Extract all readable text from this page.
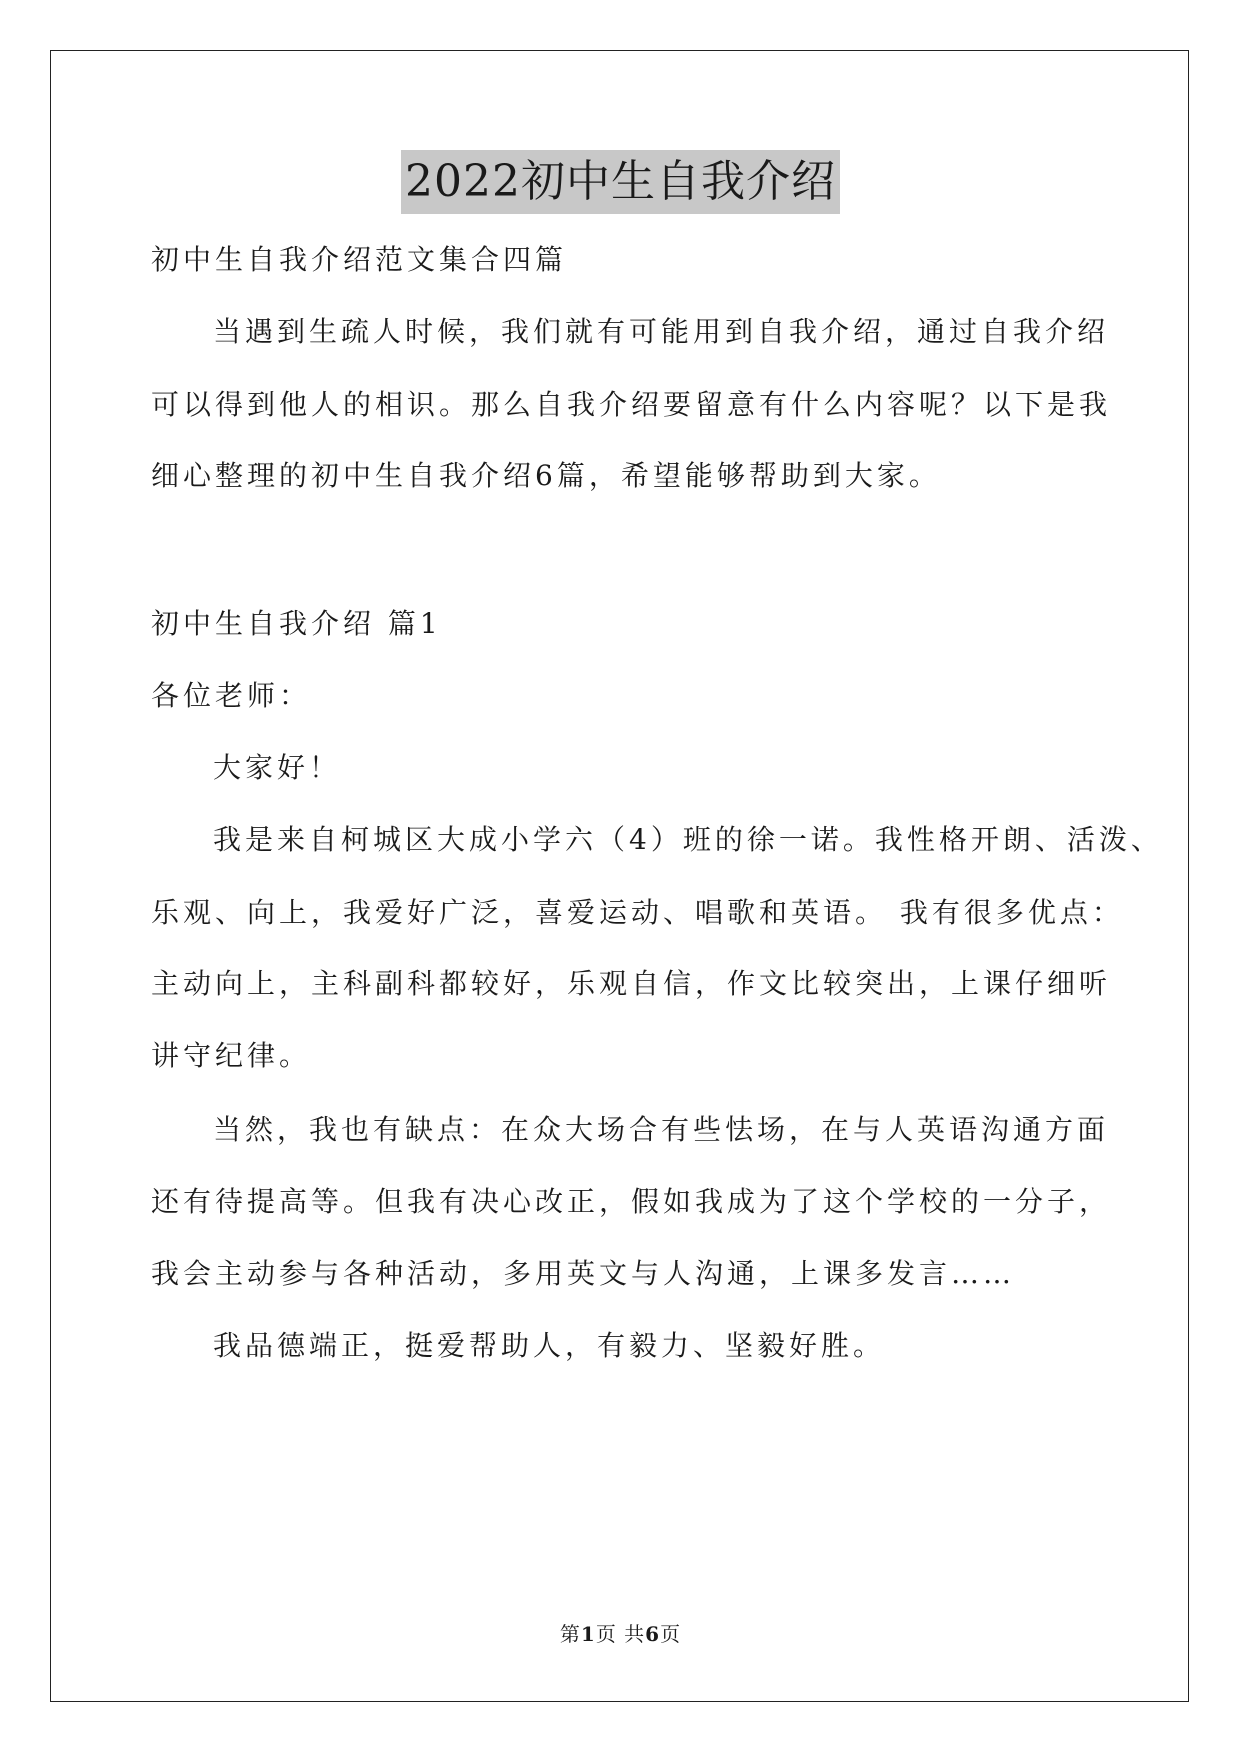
2022初中生自我介绍
初中生自我介绍范文集合四篇
当遇到生疏人时候，我们就有可能用到自我介绍，通过自我介绍
可以得到他人的相识。那么自我介绍要留意有什么内容呢？以下是我
细心整理的初中生自我介绍6篇，希望能够帮助到大家。
初中生自我介绍 篇1
各位老师：
大家好！
我是来自柯城区大成小学六（4）班的徐一诺。我性格开朗、活泼、
乐观、向上，我爱好广泛，喜爱运动、唱歌和英语。 我有很多优点：
主动向上，主科副科都较好，乐观自信，作文比较突出，上课仔细听
讲守纪律。
当然，我也有缺点：在众大场合有些怯场，在与人英语沟通方面
还有待提高等。但我有决心改正，假如我成为了这个学校的一分子，
我会主动参与各种活动，多用英文与人沟通，上课多发言……
我品德端正，挺爱帮助人，有毅力、坚毅好胜。
第1页 共6页
